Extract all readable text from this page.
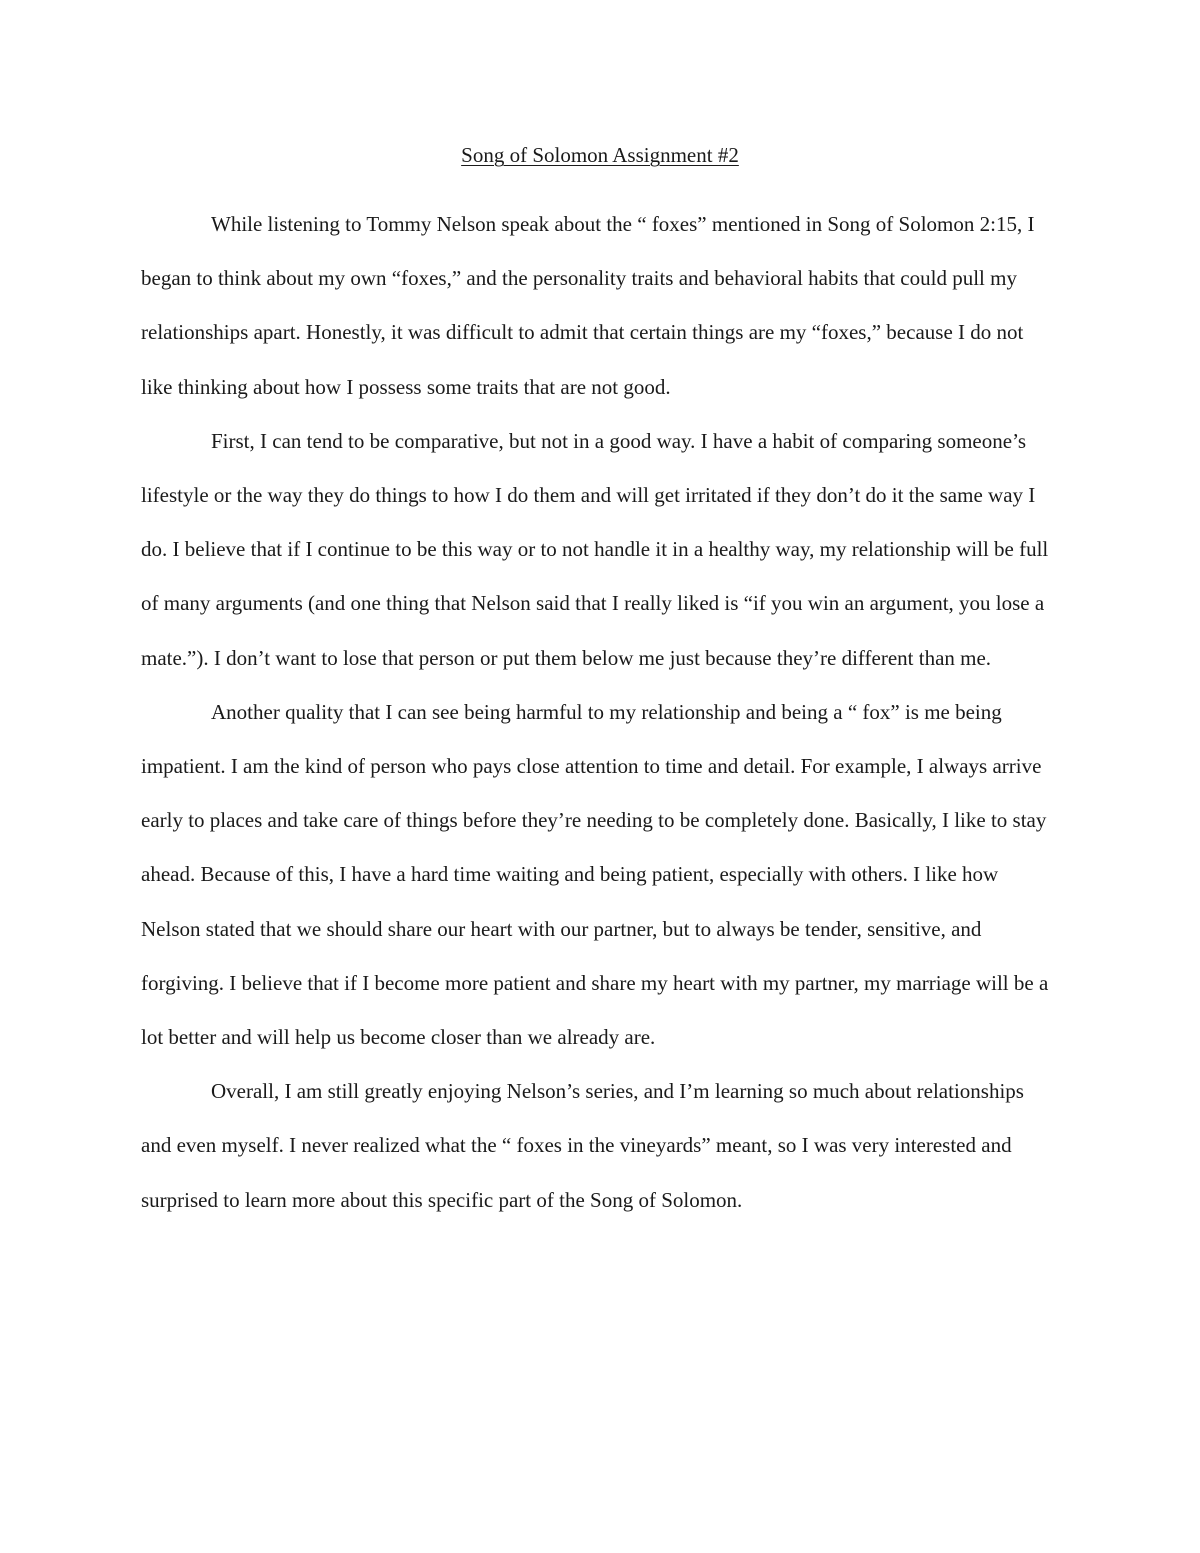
Song of Solomon Assignment #2

While listening to Tommy Nelson speak about the “ foxes” mentioned in Song of Solomon 2:15, I began to think about my own “foxes,” and the personality traits and behavioral habits that could pull my relationships apart. Honestly, it was difficult to admit that certain things are my “foxes,” because I do not like thinking about how I possess some traits that are not good.

First, I can tend to be comparative, but not in a good way. I have a habit of comparing someone’s lifestyle or the way they do things to how I do them and will get irritated if they don’t do it the same way I do. I believe that if I continue to be this way or to not handle it in a healthy way, my relationship will be full of many arguments (and one thing that Nelson said that I really liked is “if you win an argument, you lose a mate.”). I don’t want to lose that person or put them below me just because they’re different than me.

Another quality that I can see being harmful to my relationship and being a “ fox” is me being impatient. I am the kind of person who pays close attention to time and detail. For example, I always arrive early to places and take care of things before they’re needing to be completely done. Basically, I like to stay ahead. Because of this, I have a hard time waiting and being patient, especially with others. I like how Nelson stated that we should share our heart with our partner, but to always be tender, sensitive, and forgiving. I believe that if I become more patient and share my heart with my partner, my marriage will be a lot better and will help us become closer than we already are.

Overall, I am still greatly enjoying Nelson’s series, and I’m learning so much about relationships and even myself. I never realized what the “ foxes in the vineyards” meant, so I was very interested and surprised to learn more about this specific part of the Song of Solomon.
